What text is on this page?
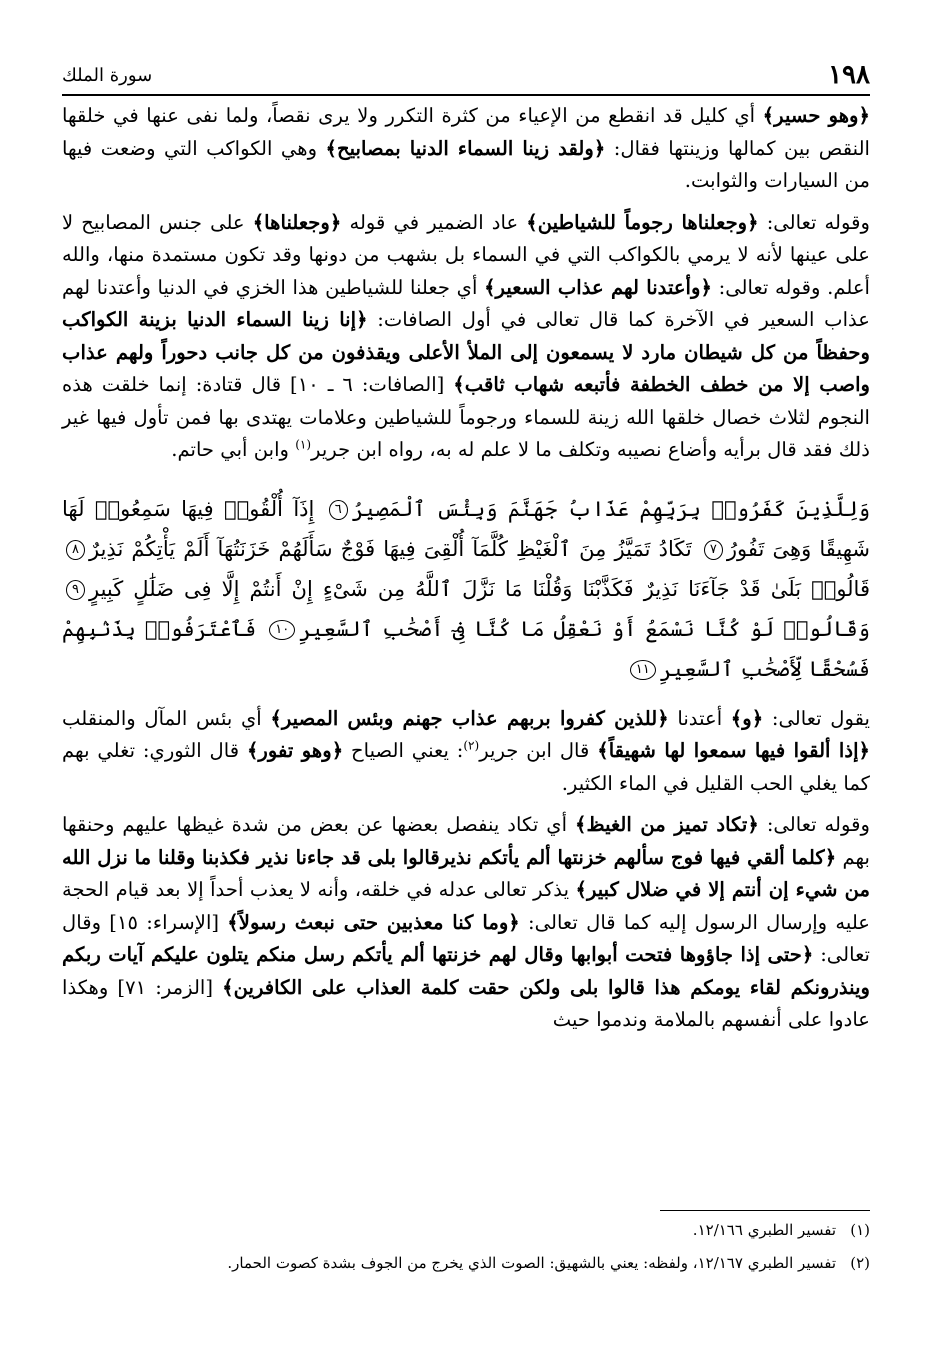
١٩٨
سورة الملك

﴿وهو حسير﴾ أي كليل قد انقطع من الإعياء من كثرة التكرر ولا يرى نقصاً، ولما نفى عنها في خلقها النقص بين كمالها وزينتها فقال: ﴿ولقد زينا السماء الدنيا بمصابيح﴾ وهي الكواكب التي وضعت فيها من السيارات والثوابت.

وقوله تعالى: ﴿وجعلناها رجوماً للشياطين﴾ عاد الضمير في قوله ﴿وجعلناها﴾ على جنس المصابيح لا على عينها لأنه لا يرمي بالكواكب التي في السماء بل بشهب من دونها وقد تكون مستمدة منها، والله أعلم. وقوله تعالى: ﴿وأعتدنا لهم عذاب السعير﴾ أي جعلنا للشياطين هذا الخزي في الدنيا وأعتدنا لهم عذاب السعير في الآخرة كما قال تعالى في أول الصافات: ﴿إنا زينا السماء الدنيا بزينة الكواكب وحفظاً من كل شيطان مارد لا يسمعون إلى الملأ الأعلى ويقذفون من كل جانب دحوراً ولهم عذاب واصب إلا من خطف الخطفة فأتبعه شهاب ثاقب﴾ [الصافات: ٦ ـ ١٠] قال قتادة: إنما خلقت هذه النجوم لثلاث خصال خلقها الله زينة للسماء ورجوماً للشياطين وعلامات يهتدى بها فمن تأول فيها غير ذلك فقد قال برأيه وأضاع نصيبه وتكلف ما لا علم له به، رواه ابن جرير$^{(١)}$ وابن أبي حاتم.

وَلِلَّذِينَ كَفَرُوا۟ بِرَبِّهِمْ عَذَابُ جَهَنَّمَ وَبِئْسَ ٱلْمَصِيرُ٦ إِذَآ أُلْقُوا۟ فِيهَا سَمِعُوا۟ لَهَا شَهِيقًا وَهِىَ تَفُورُ٧ تَكَادُ تَمَيَّزُ مِنَ ٱلْغَيْظِ كُلَّمَآ أُلْقِىَ فِيهَا فَوْجٌ سَأَلَهُمْ خَزَنَتُهَآ أَلَمْ يَأْتِكُمْ نَذِيرٌ٨ قَالُوا۟ بَلَىٰ قَدْ جَآءَنَا نَذِيرٌ فَكَذَّبْنَا وَقُلْنَا مَا نَزَّلَ ٱللَّهُ مِن شَىْءٍ إِنْ أَنتُمْ إِلَّا فِى ضَلَٰلٍ كَبِيرٍ٩ وَقَالُوا۟ لَوْ كُنَّا نَسْمَعُ أَوْ نَعْقِلُ مَا كُنَّا فِىٓ أَصْحَٰبِ ٱلسَّعِيرِ١٠ فَٱعْتَرَفُوا۟ بِذَنۢبِهِمْ فَسُحْقًا لِّأَصْحَٰبِ ٱلسَّعِيرِ١١

يقول تعالى: ﴿و﴾ أعتدنا ﴿للذين كفروا بربهم عذاب جهنم وبئس المصير﴾ أي بئس المآل والمنقلب ﴿إذا ألقوا فيها سمعوا لها شهيقاً﴾ قال ابن جرير$^{(٢)}$: يعني الصياح ﴿وهو تفور﴾ قال الثوري: تغلي بهم كما يغلي الحب القليل في الماء الكثير.

وقوله تعالى: ﴿تكاد تميز من الغيظ﴾ أي تكاد ينفصل بعضها عن بعض من شدة غيظها عليهم وحنقها بهم ﴿كلما ألقي فيها فوج سألهم خزنتها ألم يأتكم نذيرقالوا بلى قد جاءنا نذير فكذبنا وقلنا ما نزل الله من شيء إن أنتم إلا في ضلال كبير﴾ يذكر تعالى عدله في خلقه، وأنه لا يعذب أحداً إلا بعد قيام الحجة عليه وإرسال الرسول إليه كما قال تعالى: ﴿وما كنا معذبين حتى نبعث رسولاً﴾ [الإسراء: ١٥] وقال تعالى: ﴿حتى إذا جاؤوها فتحت أبوابها وقال لهم خزنتها ألم يأتكم رسل منكم يتلون عليكم آيات ربكم وينذرونكم لقاء يومكم هذا قالوا بلى ولكن حقت كلمة العذاب على الكافرين﴾ [الزمر: ٧١] وهكذا عادوا على أنفسهم بالملامة وندموا حيث

(١)تفسير الطبري ١٢/١٦٦.
(٢)تفسير الطبري ١٢/١٦٧، ولفظه: يعني بالشهيق: الصوت الذي يخرج من الجوف بشدة كصوت الحمار.
